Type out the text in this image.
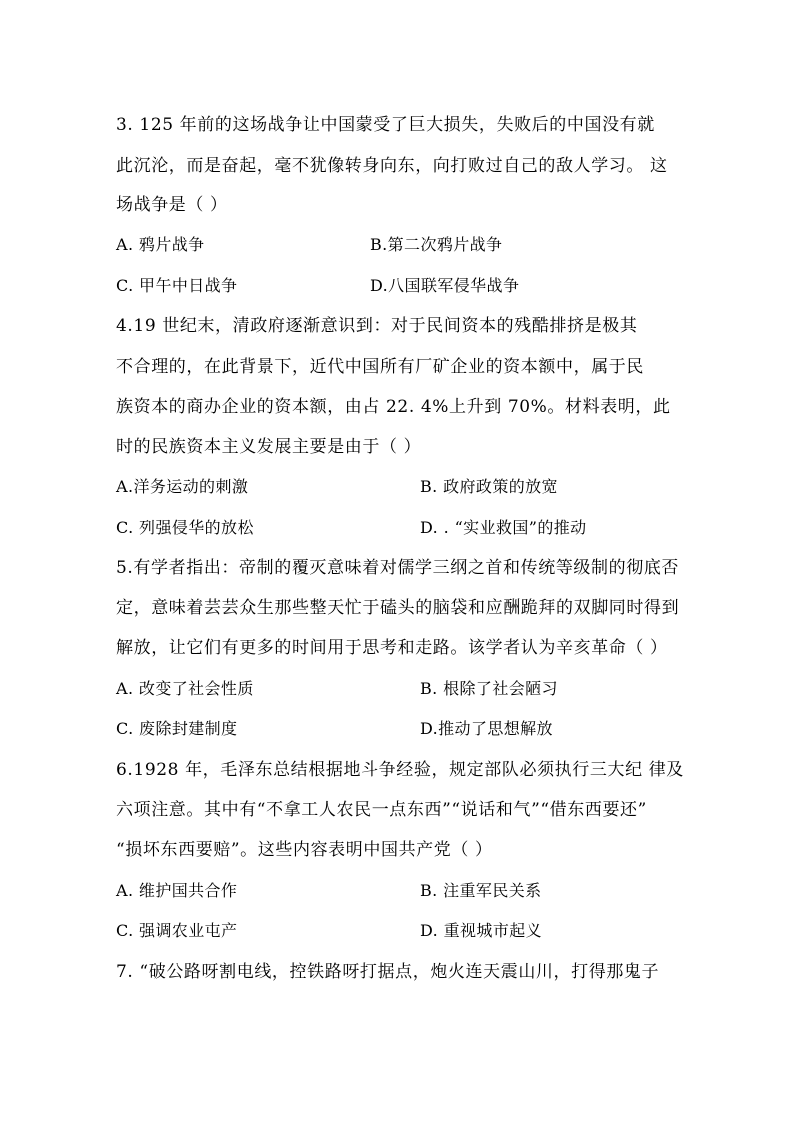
3. 125 年前的这场战争让中国蒙受了巨大损失，失败后的中国没有就
此沉沦，而是奋起，毫不犹像转身向东，向打败过自己的敌人学习。 这
场战争是（ ）
A. 鸦片战争	B.第二次鸦片战争
C. 甲午中日战争	D.八国联军侵华战争
4.19 世纪末，清政府逐渐意识到：对于民间资本的残酷排挤是极其
不合理的，在此背景下，近代中国所有厂矿企业的资本额中，属于民
族资本的商办企业的资本额，由占 22. 4%上升到 70%。材料表明，此
时的民族资本主义发展主要是由于（ ）
A.洋务运动的刺激	B. 政府政策的放宽
C. 列强侵华的放松	D. . “实业救国”的推动
5.有学者指出：帝制的覆灭意味着对儒学三纲之首和传统等级制的彻底否
定，意味着芸芸众生那些整天忙于磕头的脑袋和应酬跪拜的双脚同时得到
解放，让它们有更多的时间用于思考和走路。该学者认为辛亥革命（ ）
A. 改变了社会性质	B. 根除了社会陋习
C. 废除封建制度	D.推动了思想解放
6.1928 年，毛泽东总结根据地斗争经验，规定部队必须执行三大纪 律及
六项注意。其中有“不拿工人农民一点东西”“说话和气”“借东西要还”
“损坏东西要赔”。这些内容表明中国共产党（ ）
A. 维护国共合作	B. 注重军民关系
C. 强调农业屯产	D. 重视城市起义
7. “破公路呀割电线，控铁路呀打据点，炮火连天震山川，打得那鬼子
